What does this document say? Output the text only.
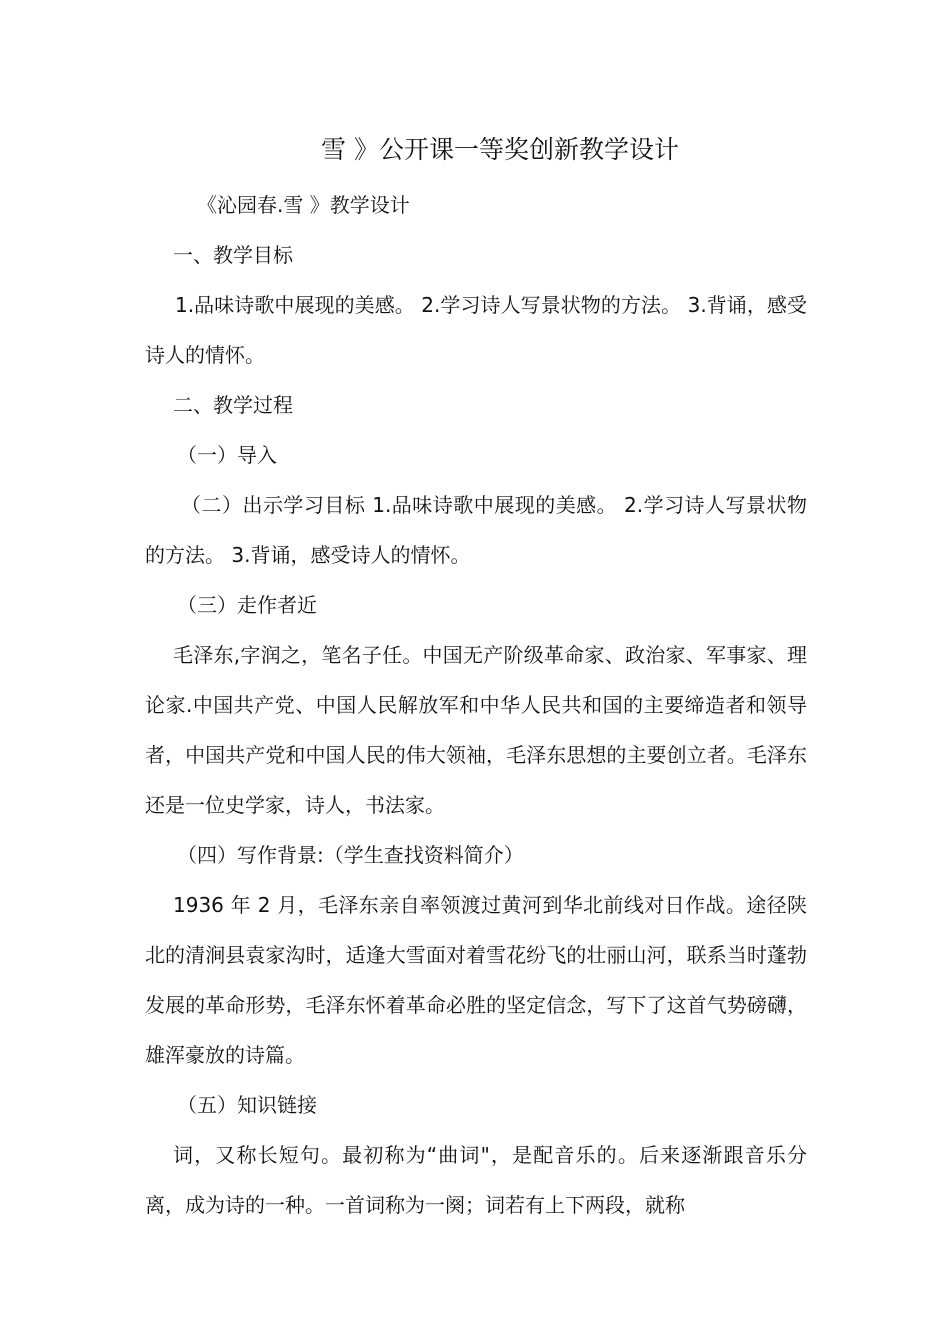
雪 》公开课一等奖创新教学设计

《沁园春.雪 》教学设计

一、教学目标

1.品味诗歌中展现的美感。 2.学习诗人写景状物的方法。 3.背诵，感受诗人的情怀。

二、教学过程

（一）导入

（二）出示学习目标 1.品味诗歌中展现的美感。 2.学习诗人写景状物的方法。 3.背诵，感受诗人的情怀。

（三）走作者近

毛泽东,字润之，笔名子任。中国无产阶级革命家、政治家、军事家、理论家.中国共产党、中国人民解放军和中华人民共和国的主要缔造者和领导者，中国共产党和中国人民的伟大领袖，毛泽东思想的主要创立者。毛泽东还是一位史学家，诗人，书法家。

（四）写作背景:（学生查找资料简介）

1936 年 2 月，毛泽东亲自率领渡过黄河到华北前线对日作战。途径陕北的清涧县袁家沟时，适逢大雪面对着雪花纷飞的壮丽山河，联系当时蓬勃发展的革命形势，毛泽东怀着革命必胜的坚定信念，写下了这首气势磅礴，雄浑豪放的诗篇。

（五）知识链接

词，又称长短句。最初称为“曲词"，是配音乐的。后来逐渐跟音乐分离，成为诗的一种。一首词称为一阕；词若有上下两段，就称
